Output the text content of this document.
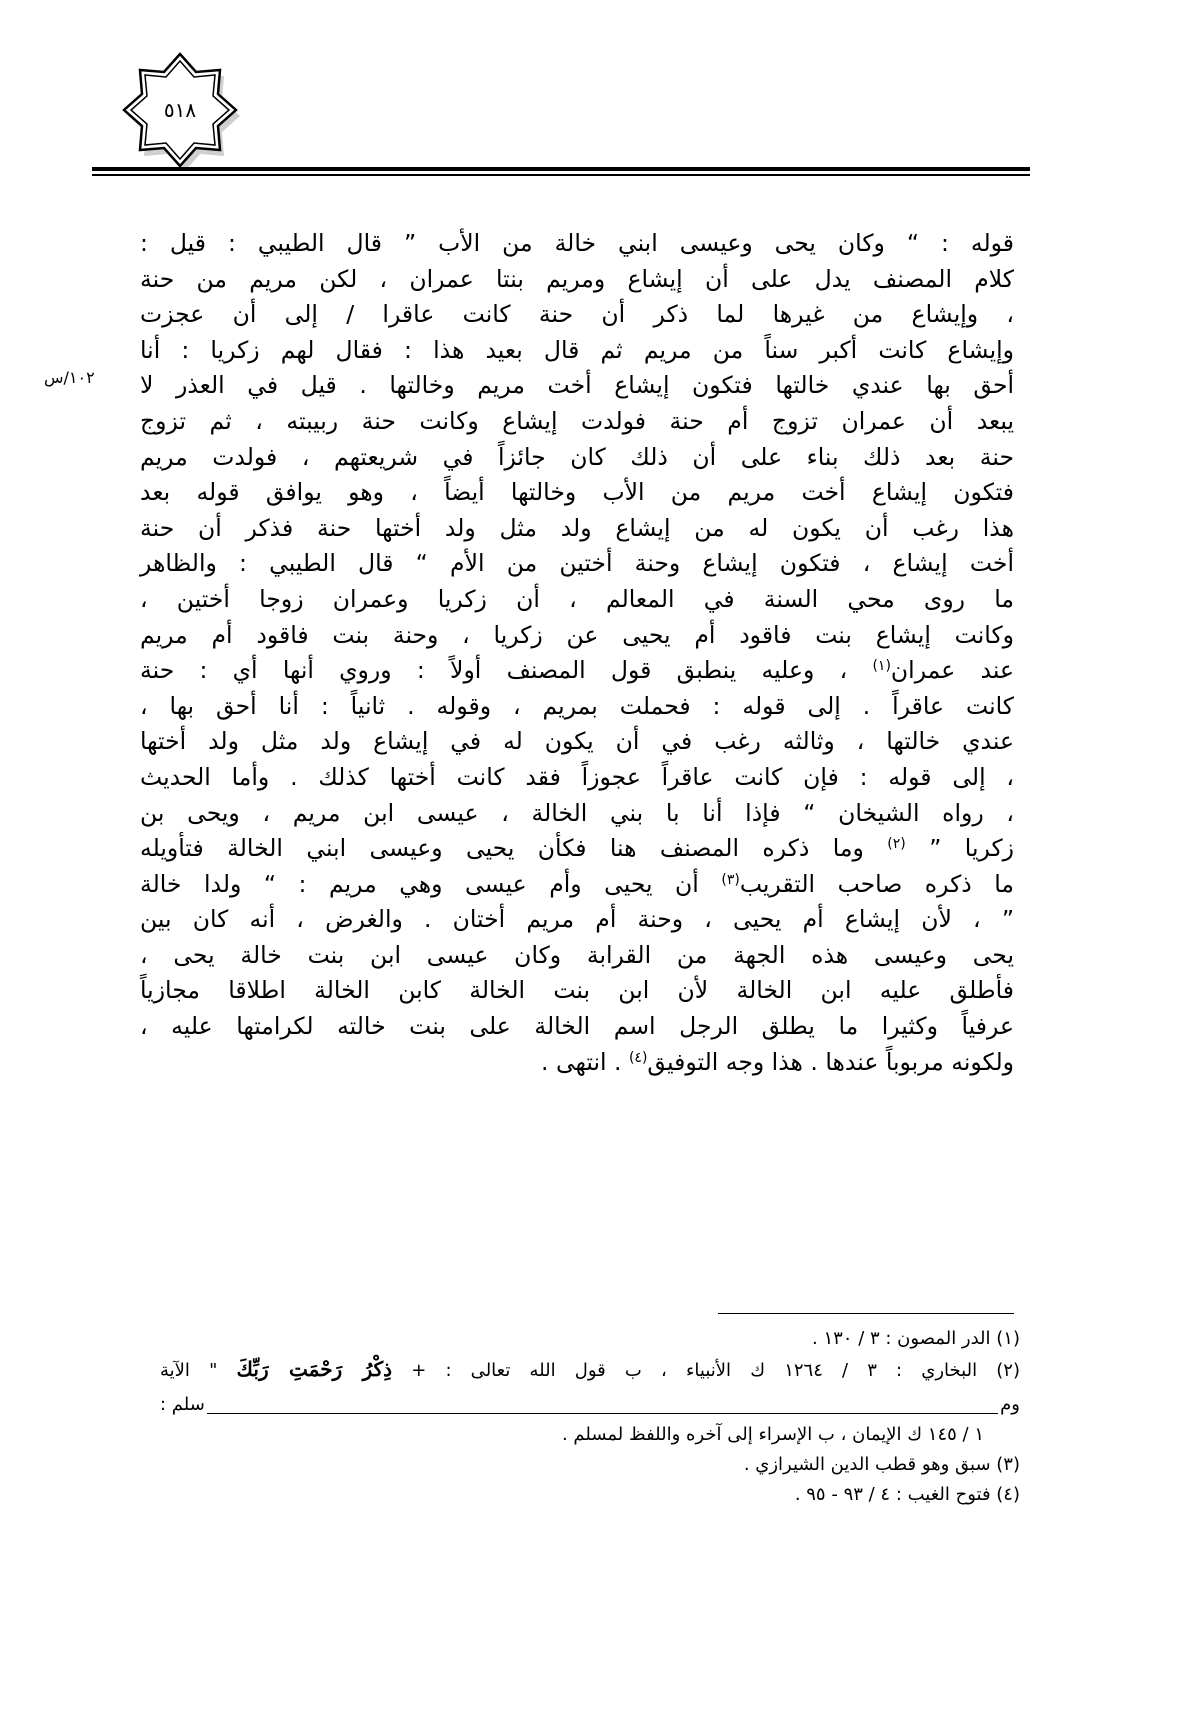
٥١٨
١٠٢/س
قوله : “ وكان يحى وعيسى ابني خالة من الأب ” قال الطيبي : قيل :
كلام المصنف يدل على أن إيشاع ومريم بنتا عمران ، لكن مريم من حنة
، وإيشاع من غيرها لما ذكر أن حنة كانت عاقرا / إلى أن عجزت
وإيشاع كانت أكبر سناً من مريم ثم قال بعيد هذا : فقال لهم زكريا : أنا
أحق بها عندي خالتها فتكون إيشاع أخت مريم وخالتها . قيل في العذر لا
يبعد أن عمران تزوج أم حنة فولدت إيشاع وكانت حنة ربيبته ، ثم تزوج
حنة بعد ذلك بناء على أن ذلك كان جائزاً في شريعتهم ، فولدت مريم
فتكون إيشاع أخت مريم من الأب وخالتها أيضاً ، وهو يوافق قوله بعد
هذا رغب أن يكون له من إيشاع ولد مثل ولد أختها حنة فذكر أن حنة
أخت إيشاع ، فتكون إيشاع وحنة أختين من الأم “ قال الطيبي : والظاهر
ما روى محي السنة في المعالم ، أن زكريا وعمران زوجا أختين ،
وكانت إيشاع بنت فاقود أم يحيى عن زكريا ، وحنة بنت فاقود أم مريم
عند عمران$^{(١)}$ ، وعليه ينطبق قول المصنف أولاً : وروي أنها أي : حنة
كانت عاقراً . إلى قوله : فحملت بمريم ، وقوله . ثانياً : أنا أحق بها ،
عندي خالتها ، وثالثه رغب في أن يكون له في إيشاع ولد مثل ولد أختها
، إلى قوله : فإن كانت عاقراً عجوزاً فقد كانت أختها كذلك . وأما الحديث
، رواه الشيخان “ فإذا أنا با بني الخالة ، عيسى ابن مريم ، ويحى بن
زكريا ” $^{(٢)}$ وما ذكره المصنف هنا فكأن يحيى وعيسى ابني الخالة فتأويله
ما ذكره صاحب التقريب$^{(٣)}$ أن يحيى وأم عيسى وهي مريم : “ ولدا خالة
” ، لأن إيشاع أم يحيى ، وحنة أم مريم أختان . والغرض ، أنه كان بين
يحى وعيسى هذه الجهة من القرابة وكان عيسى ابن بنت خالة يحى ،
فأطلق عليه ابن الخالة لأن ابن بنت الخالة كابن الخالة اطلاقا مجازياً
عرفياً وكثيرا ما يطلق الرجل اسم الخالة على بنت خالته لكرامتها عليه ،
ولكونه مربوباً عندها . هذا وجه التوفيق$^{(٤)}$ . انتهى .
(١) الدر المصون : ٣ / ١٣٠ .
(٢) البخاري : ٣ / ١٢٦٤ ك الأنبياء ، ب قول الله تعالى : + ذِكْرُ رَحْمَتِ رَبِّكَ " الآية
وم
سلم :
١ / ١٤٥ ك الإيمان ، ب الإسراء إلى آخره واللفظ لمسلم .
(٣) سبق وهو قطب الدين الشيرازي .
(٤) فتوح الغيب : ٤ / ٩٣ - ٩٥ .
